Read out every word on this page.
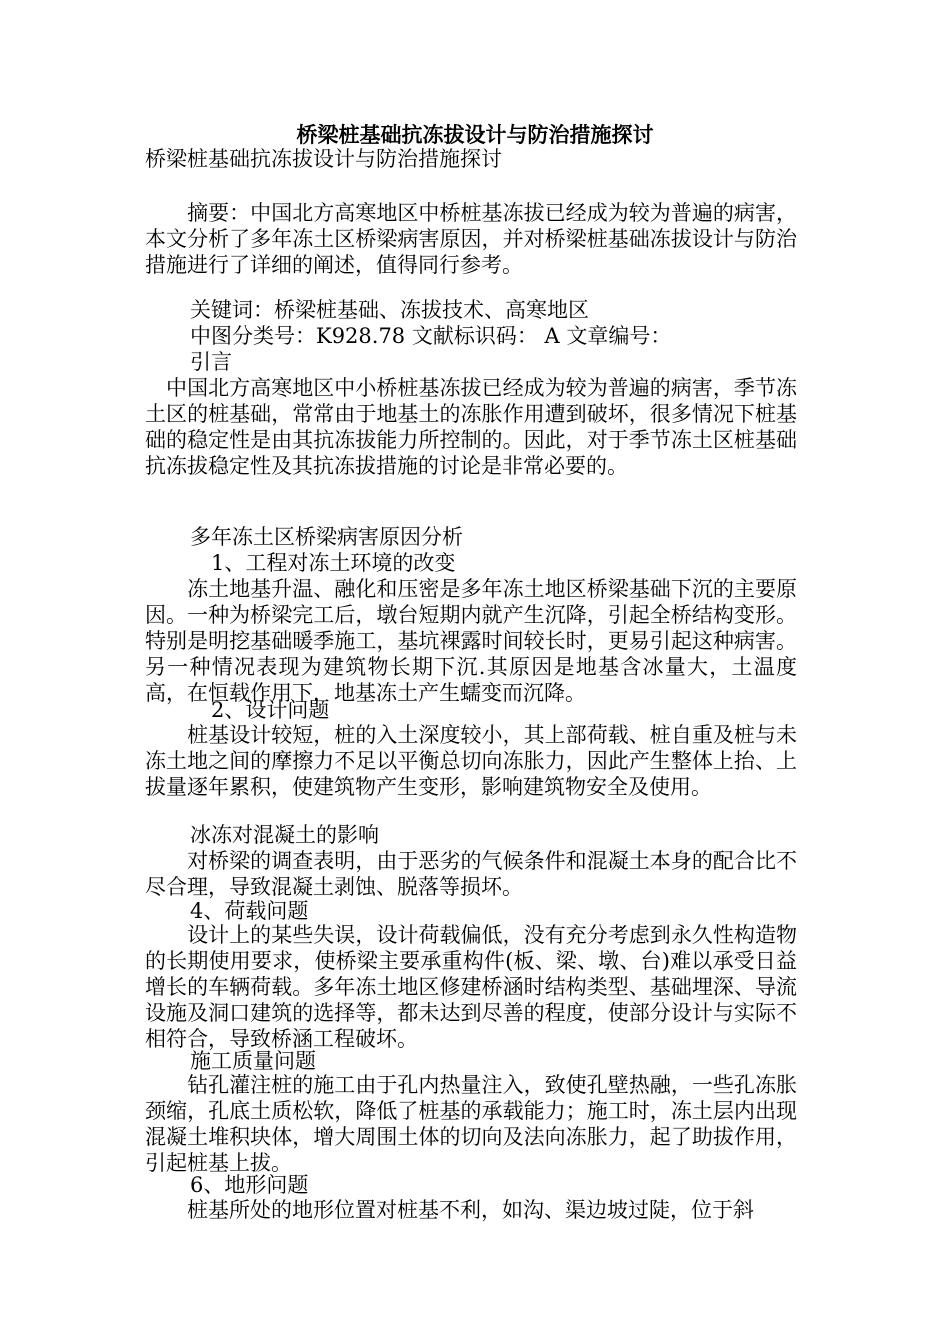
桥梁桩基础抗冻拔设计与防治措施探讨
桥梁桩基础抗冻拔设计与防治措施探讨
　　摘要：中国北方高寒地区中桥桩基冻拔已经成为较为普遍的病害，本文分析了多年冻土区桥梁病害原因，并对桥梁桩基础冻拔设计与防治措施进行了详细的阐述，值得同行参考。
关键词：桥梁桩基础、冻拔技术、高寒地区
中图分类号：K928.78 文献标识码： A 文章编号：
引言
　中国北方高寒地区中小桥桩基冻拔已经成为较为普遍的病害，季节冻土区的桩基础，常常由于地基土的冻胀作用遭到破坏，很多情况下桩基础的稳定性是由其抗冻拔能力所控制的。因此，对于季节冻土区桩基础抗冻拔稳定性及其抗冻拔措施的讨论是非常必要的。
多年冻土区桥梁病害原因分析
　1、工程对冻土环境的改变
　　冻土地基升温、融化和压密是多年冻土地区桥梁基础下沉的主要原因。一种为桥梁完工后，墩台短期内就产生沉降，引起全桥结构变形。特别是明挖基础暖季施工，基坑裸露时间较长时，更易引起这种病害。另一种情况表现为建筑物长期下沉.其原因是地基含冰量大，土温度高，在恒载作用下，地基冻土产生蠕变而沉降。
　2、设计问题
　　桩基设计较短，桩的入土深度较小，其上部荷载、桩自重及桩与未冻土地之间的摩擦力不足以平衡总切向冻胀力，因此产生整体上抬、上拔量逐年累积，使建筑物产生变形，影响建筑物安全及使用。
冰冻对混凝土的影响
　　对桥梁的调查表明，由于恶劣的气候条件和混凝土本身的配合比不尽合理，导致混凝土剥蚀、脱落等损坏。
4、荷载问题
　　设计上的某些失误，设计荷载偏低，没有充分考虑到永久性构造物的长期使用要求，使桥梁主要承重构件(板、梁、墩、台)难以承受日益增长的车辆荷载。多年冻土地区修建桥涵时结构类型、基础埋深、导流设施及洞口建筑的选择等，都未达到尽善的程度，使部分设计与实际不相符合，导致桥涵工程破坏。
施工质量问题
　　钻孔灌注桩的施工由于孔内热量注入，致使孔壁热融，一些孔冻胀颈缩，孔底土质松软，降低了桩基的承载能力；施工时，冻土层内出现混凝土堆积块体，增大周围土体的切向及法向冻胀力，起了助拔作用，引起桩基上拔。
6、地形问题
　　桩基所处的地形位置对桩基不利，如沟、渠边坡过陡，位于斜
